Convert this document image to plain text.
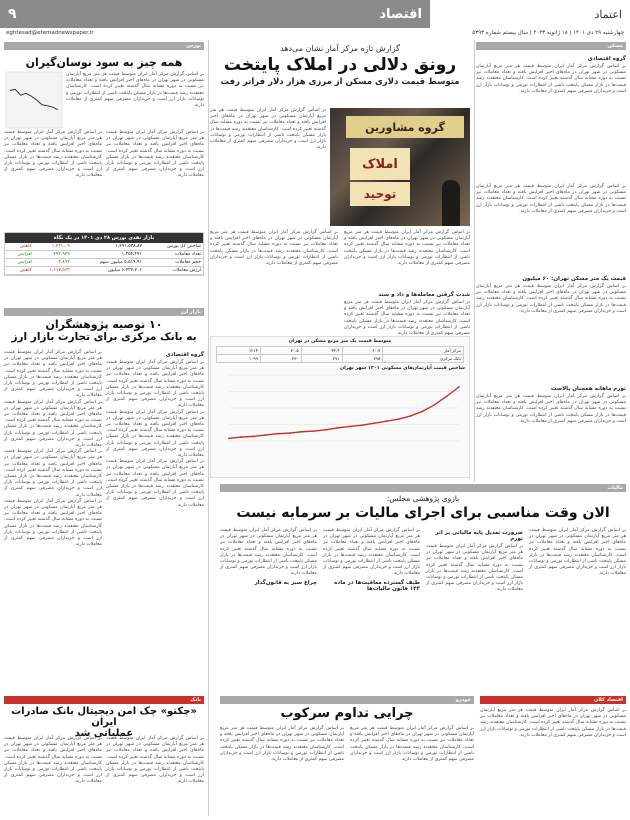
اعتماد
اقتصاد
۹
چهارشنبه ۲۹ دی ۱۴۰۱ | ۱۸ ژانویه ۲۰۲۳ | سال بیستم شماره ۵۳۹۳
eghtesad@etemadnewspaper.ir
مسکن
گزارش تازه مرکز آمار نشان می‌دهد
رونق دلالی در املاک پایتخت
متوسط قیمت دلاری مسکن از مرزی هزار دلار فراتر رفت
گروه مشاورین
املاک
توحید
بر اساس گزارش مرکز آمار ایران متوسط قیمت هر متر مربع آپارتمان مسکونی در شهر تهران در ماه‌های اخیر افزایش یافته و تعداد معاملات نیز نسبت به دوره مشابه سال گذشته تغییر کرده است. کارشناسان معتقدند رشد قیمت‌ها در بازار مسکن پایتخت ناشی از انتظارات تورمی و نوسانات بازار ارز است و خریداران مصرفی سهم کمتری از معاملات دارند.
گروه اقتصادی
بر اساس گزارش مرکز آمار ایران متوسط قیمت هر متر مربع آپارتمان مسکونی در شهر تهران در ماه‌های اخیر افزایش یافته و تعداد معاملات نیز نسبت به دوره مشابه سال گذشته تغییر کرده است. کارشناسان معتقدند رشد قیمت‌ها در بازار مسکن پایتخت ناشی از انتظارات تورمی و نوسانات بازار ارز است و خریداران مصرفی سهم کمتری از معاملات دارند.
بر اساس گزارش مرکز آمار ایران متوسط قیمت هر متر مربع آپارتمان مسکونی در شهر تهران در ماه‌های اخیر افزایش یافته و تعداد معاملات نیز نسبت به دوره مشابه سال گذشته تغییر کرده است. کارشناسان معتقدند رشد قیمت‌ها در بازار مسکن پایتخت ناشی از انتظارات تورمی و نوسانات بازار ارز است و خریداران مصرفی سهم کمتری از معاملات دارند.
قیمت یک متر مسکن تهران: ۶۰ میلیون
بر اساس گزارش مرکز آمار ایران متوسط قیمت هر متر مربع آپارتمان مسکونی در شهر تهران در ماه‌های اخیر افزایش یافته و تعداد معاملات نیز نسبت به دوره مشابه سال گذشته تغییر کرده است. کارشناسان معتقدند رشد قیمت‌ها در بازار مسکن پایتخت ناشی از انتظارات تورمی و نوسانات بازار ارز است و خریداران مصرفی سهم کمتری از معاملات دارند.
تورم ماهانه همچنان بالاست
بر اساس گزارش مرکز آمار ایران متوسط قیمت هر متر مربع آپارتمان مسکونی در شهر تهران در ماه‌های اخیر افزایش یافته و تعداد معاملات نیز نسبت به دوره مشابه سال گذشته تغییر کرده است. کارشناسان معتقدند رشد قیمت‌ها در بازار مسکن پایتخت ناشی از انتظارات تورمی و نوسانات بازار ارز است و خریداران مصرفی سهم کمتری از معاملات دارند.
بر اساس گزارش مرکز آمار ایران متوسط قیمت هر متر مربع آپارتمان مسکونی در شهر تهران در ماه‌های اخیر افزایش یافته و تعداد معاملات نیز نسبت به دوره مشابه سال گذشته تغییر کرده است. کارشناسان معتقدند رشد قیمت‌ها در بازار مسکن پایتخت ناشی از انتظارات تورمی و نوسانات بازار ارز است و خریداران مصرفی سهم کمتری از معاملات دارند.
شدت گرفتن معامله‌ها و داد و ستد
بر اساس گزارش مرکز آمار ایران متوسط قیمت هر متر مربع آپارتمان مسکونی در شهر تهران در ماه‌های اخیر افزایش یافته و تعداد معاملات نیز نسبت به دوره مشابه سال گذشته تغییر کرده است. کارشناسان معتقدند رشد قیمت‌ها در بازار مسکن پایتخت ناشی از انتظارات تورمی و نوسانات بازار ارز است و خریداران مصرفی سهم کمتری از معاملات دارند.
بر اساس گزارش مرکز آمار ایران متوسط قیمت هر متر مربع آپارتمان مسکونی در شهر تهران در ماه‌های اخیر افزایش یافته و تعداد معاملات نیز نسبت به دوره مشابه سال گذشته تغییر کرده است. کارشناسان معتقدند رشد قیمت‌ها در بازار مسکن پایتخت ناشی از انتظارات تورمی و نوسانات بازار ارز است و خریداران مصرفی سهم کمتری از معاملات دارند.
متوسط قیمت یک متر مربع مسکن در تهران
مرکز آمار	۶۰.۷	۴۴.۴	۳۰.۵	۱۲۱۴
بانک مرکزی	۲۹۸	۲۹۱	۲۳۰	۱۰۹۹
شاخص قیمت آپارتمان‌های مسکونی ۱۴۰۱ شهر تهران
مالیات
بازوی پژوهشی مجلس:
الان وقت مناسبی برای اجرای مالیات بر سرمایه نیست
بر اساس گزارش مرکز آمار ایران متوسط قیمت هر متر مربع آپارتمان مسکونی در شهر تهران در ماه‌های اخیر افزایش یافته و تعداد معاملات نیز نسبت به دوره مشابه سال گذشته تغییر کرده است. کارشناسان معتقدند رشد قیمت‌ها در بازار مسکن پایتخت ناشی از انتظارات تورمی و نوسانات بازار ارز است و خریداران مصرفی سهم کمتری از معاملات دارند.
ضرورت تعدیل پایه مالیاتی بر اثر تورم
بر اساس گزارش مرکز آمار ایران متوسط قیمت هر متر مربع آپارتمان مسکونی در شهر تهران در ماه‌های اخیر افزایش یافته و تعداد معاملات نیز نسبت به دوره مشابه سال گذشته تغییر کرده است. کارشناسان معتقدند رشد قیمت‌ها در بازار مسکن پایتخت ناشی از انتظارات تورمی و نوسانات بازار ارز است و خریداران مصرفی سهم کمتری از معاملات دارند.
بر اساس گزارش مرکز آمار ایران متوسط قیمت هر متر مربع آپارتمان مسکونی در شهر تهران در ماه‌های اخیر افزایش یافته و تعداد معاملات نیز نسبت به دوره مشابه سال گذشته تغییر کرده است. کارشناسان معتقدند رشد قیمت‌ها در بازار مسکن پایتخت ناشی از انتظارات تورمی و نوسانات بازار ارز است و خریداران مصرفی سهم کمتری از معاملات دارند.
طیف گسترده معافیت‌ها در ماده ۱۴۳ قانون مالیات‌ها
بر اساس گزارش مرکز آمار ایران متوسط قیمت هر متر مربع آپارتمان مسکونی در شهر تهران در ماه‌های اخیر افزایش یافته و تعداد معاملات نیز نسبت به دوره مشابه سال گذشته تغییر کرده است. کارشناسان معتقدند رشد قیمت‌ها در بازار مسکن پایتخت ناشی از انتظارات تورمی و نوسانات بازار ارز است و خریداران مصرفی سهم کمتری از معاملات دارند.
چراغ سبز به قانون‌گذار
خودرو
چرایی تداوم سرکوب
بر اساس گزارش مرکز آمار ایران متوسط قیمت هر متر مربع آپارتمان مسکونی در شهر تهران در ماه‌های اخیر افزایش یافته و تعداد معاملات نیز نسبت به دوره مشابه سال گذشته تغییر کرده است. کارشناسان معتقدند رشد قیمت‌ها در بازار مسکن پایتخت ناشی از انتظارات تورمی و نوسانات بازار ارز است و خریداران مصرفی سهم کمتری از معاملات دارند.
بر اساس گزارش مرکز آمار ایران متوسط قیمت هر متر مربع آپارتمان مسکونی در شهر تهران در ماه‌های اخیر افزایش یافته و تعداد معاملات نیز نسبت به دوره مشابه سال گذشته تغییر کرده است. کارشناسان معتقدند رشد قیمت‌ها در بازار مسکن پایتخت ناشی از انتظارات تورمی و نوسانات بازار ارز است و خریداران مصرفی سهم کمتری از معاملات دارند.
اقتصاد کلان
بر اساس گزارش مرکز آمار ایران متوسط قیمت هر متر مربع آپارتمان مسکونی در شهر تهران در ماه‌های اخیر افزایش یافته و تعداد معاملات نیز نسبت به دوره مشابه سال گذشته تغییر کرده است. کارشناسان معتقدند رشد قیمت‌ها در بازار مسکن پایتخت ناشی از انتظارات تورمی و نوسانات بازار ارز است و خریداران مصرفی سهم کمتری از معاملات دارند.
بورس
همه چیز به سود نوسان‌گیران
بر اساس گزارش مرکز آمار ایران متوسط قیمت هر متر مربع آپارتمان مسکونی در شهر تهران در ماه‌های اخیر افزایش یافته و تعداد معاملات نیز نسبت به دوره مشابه سال گذشته تغییر کرده است. کارشناسان معتقدند رشد قیمت‌ها در بازار مسکن پایتخت ناشی از انتظارات تورمی و نوسانات بازار ارز است و خریداران مصرفی سهم کمتری از معاملات دارند.
بر اساس گزارش مرکز آمار ایران متوسط قیمت هر متر مربع آپارتمان مسکونی در شهر تهران در ماه‌های اخیر افزایش یافته و تعداد معاملات نیز نسبت به دوره مشابه سال گذشته تغییر کرده است. کارشناسان معتقدند رشد قیمت‌ها در بازار مسکن پایتخت ناشی از انتظارات تورمی و نوسانات بازار ارز است و خریداران مصرفی سهم کمتری از معاملات دارند.
بر اساس گزارش مرکز آمار ایران متوسط قیمت هر متر مربع آپارتمان مسکونی در شهر تهران در ماه‌های اخیر افزایش یافته و تعداد معاملات نیز نسبت به دوره مشابه سال گذشته تغییر کرده است. کارشناسان معتقدند رشد قیمت‌ها در بازار مسکن پایتخت ناشی از انتظارات تورمی و نوسانات بازار ارز است و خریداران مصرفی سهم کمتری از معاملات دارند.
بازار نقدی بورس ۲۸ دی ۱۴۰۱ در یک نگاه
شاخص کل بورس	۱،۴۹۱،۵۳۸،۸۷	۱،۴۳۱،۰۹	کاهش
تعداد معاملات	۱،۳۵۴،۴۷۱	۴۹۲،۹۷۹	افزایش
حجم معاملات	۵،۵۱۹،۹۱ میلیون سهم	۲،۸۹۳	افزایش
ارزش معاملات	۶،۴۳۷،۷۰۶ میلیون	۱،۶۱۷،۵۶۳	کاهش
بازار ارز
۱۰ توصیه پژوهشگران
به بانک مرکزی برای تجارت بازار ارز
گروه اقتصادی
بر اساس گزارش مرکز آمار ایران متوسط قیمت هر متر مربع آپارتمان مسکونی در شهر تهران در ماه‌های اخیر افزایش یافته و تعداد معاملات نیز نسبت به دوره مشابه سال گذشته تغییر کرده است. کارشناسان معتقدند رشد قیمت‌ها در بازار مسکن پایتخت ناشی از انتظارات تورمی و نوسانات بازار ارز است و خریداران مصرفی سهم کمتری از معاملات دارند.
بر اساس گزارش مرکز آمار ایران متوسط قیمت هر متر مربع آپارتمان مسکونی در شهر تهران در ماه‌های اخیر افزایش یافته و تعداد معاملات نیز نسبت به دوره مشابه سال گذشته تغییر کرده است. کارشناسان معتقدند رشد قیمت‌ها در بازار مسکن پایتخت ناشی از انتظارات تورمی و نوسانات بازار ارز است و خریداران مصرفی سهم کمتری از معاملات دارند.
بر اساس گزارش مرکز آمار ایران متوسط قیمت هر متر مربع آپارتمان مسکونی در شهر تهران در ماه‌های اخیر افزایش یافته و تعداد معاملات نیز نسبت به دوره مشابه سال گذشته تغییر کرده است. کارشناسان معتقدند رشد قیمت‌ها در بازار مسکن پایتخت ناشی از انتظارات تورمی و نوسانات بازار ارز است و خریداران مصرفی سهم کمتری از معاملات دارند.
بر اساس گزارش مرکز آمار ایران متوسط قیمت هر متر مربع آپارتمان مسکونی در شهر تهران در ماه‌های اخیر افزایش یافته و تعداد معاملات نیز نسبت به دوره مشابه سال گذشته تغییر کرده است. کارشناسان معتقدند رشد قیمت‌ها در بازار مسکن پایتخت ناشی از انتظارات تورمی و نوسانات بازار ارز است و خریداران مصرفی سهم کمتری از معاملات دارند.
بر اساس گزارش مرکز آمار ایران متوسط قیمت هر متر مربع آپارتمان مسکونی در شهر تهران در ماه‌های اخیر افزایش یافته و تعداد معاملات نیز نسبت به دوره مشابه سال گذشته تغییر کرده است. کارشناسان معتقدند رشد قیمت‌ها در بازار مسکن پایتخت ناشی از انتظارات تورمی و نوسانات بازار ارز است و خریداران مصرفی سهم کمتری از معاملات دارند.
بر اساس گزارش مرکز آمار ایران متوسط قیمت هر متر مربع آپارتمان مسکونی در شهر تهران در ماه‌های اخیر افزایش یافته و تعداد معاملات نیز نسبت به دوره مشابه سال گذشته تغییر کرده است. کارشناسان معتقدند رشد قیمت‌ها در بازار مسکن پایتخت ناشی از انتظارات تورمی و نوسانات بازار ارز است و خریداران مصرفی سهم کمتری از معاملات دارند.
بر اساس گزارش مرکز آمار ایران متوسط قیمت هر متر مربع آپارتمان مسکونی در شهر تهران در ماه‌های اخیر افزایش یافته و تعداد معاملات نیز نسبت به دوره مشابه سال گذشته تغییر کرده است. کارشناسان معتقدند رشد قیمت‌ها در بازار مسکن پایتخت ناشی از انتظارات تورمی و نوسانات بازار ارز است و خریداران مصرفی سهم کمتری از معاملات دارند.
بانک
«چکتو» چک امن دیجیتال بانک صادرات ایران
عملیاتی شد
بر اساس گزارش مرکز آمار ایران متوسط قیمت هر متر مربع آپارتمان مسکونی در شهر تهران در ماه‌های اخیر افزایش یافته و تعداد معاملات نیز نسبت به دوره مشابه سال گذشته تغییر کرده است. کارشناسان معتقدند رشد قیمت‌ها در بازار مسکن پایتخت ناشی از انتظارات تورمی و نوسانات بازار ارز است و خریداران مصرفی سهم کمتری از معاملات دارند.
بر اساس گزارش مرکز آمار ایران متوسط قیمت هر متر مربع آپارتمان مسکونی در شهر تهران در ماه‌های اخیر افزایش یافته و تعداد معاملات نیز نسبت به دوره مشابه سال گذشته تغییر کرده است. کارشناسان معتقدند رشد قیمت‌ها در بازار مسکن پایتخت ناشی از انتظارات تورمی و نوسانات بازار ارز است و خریداران مصرفی سهم کمتری از معاملات دارند.
